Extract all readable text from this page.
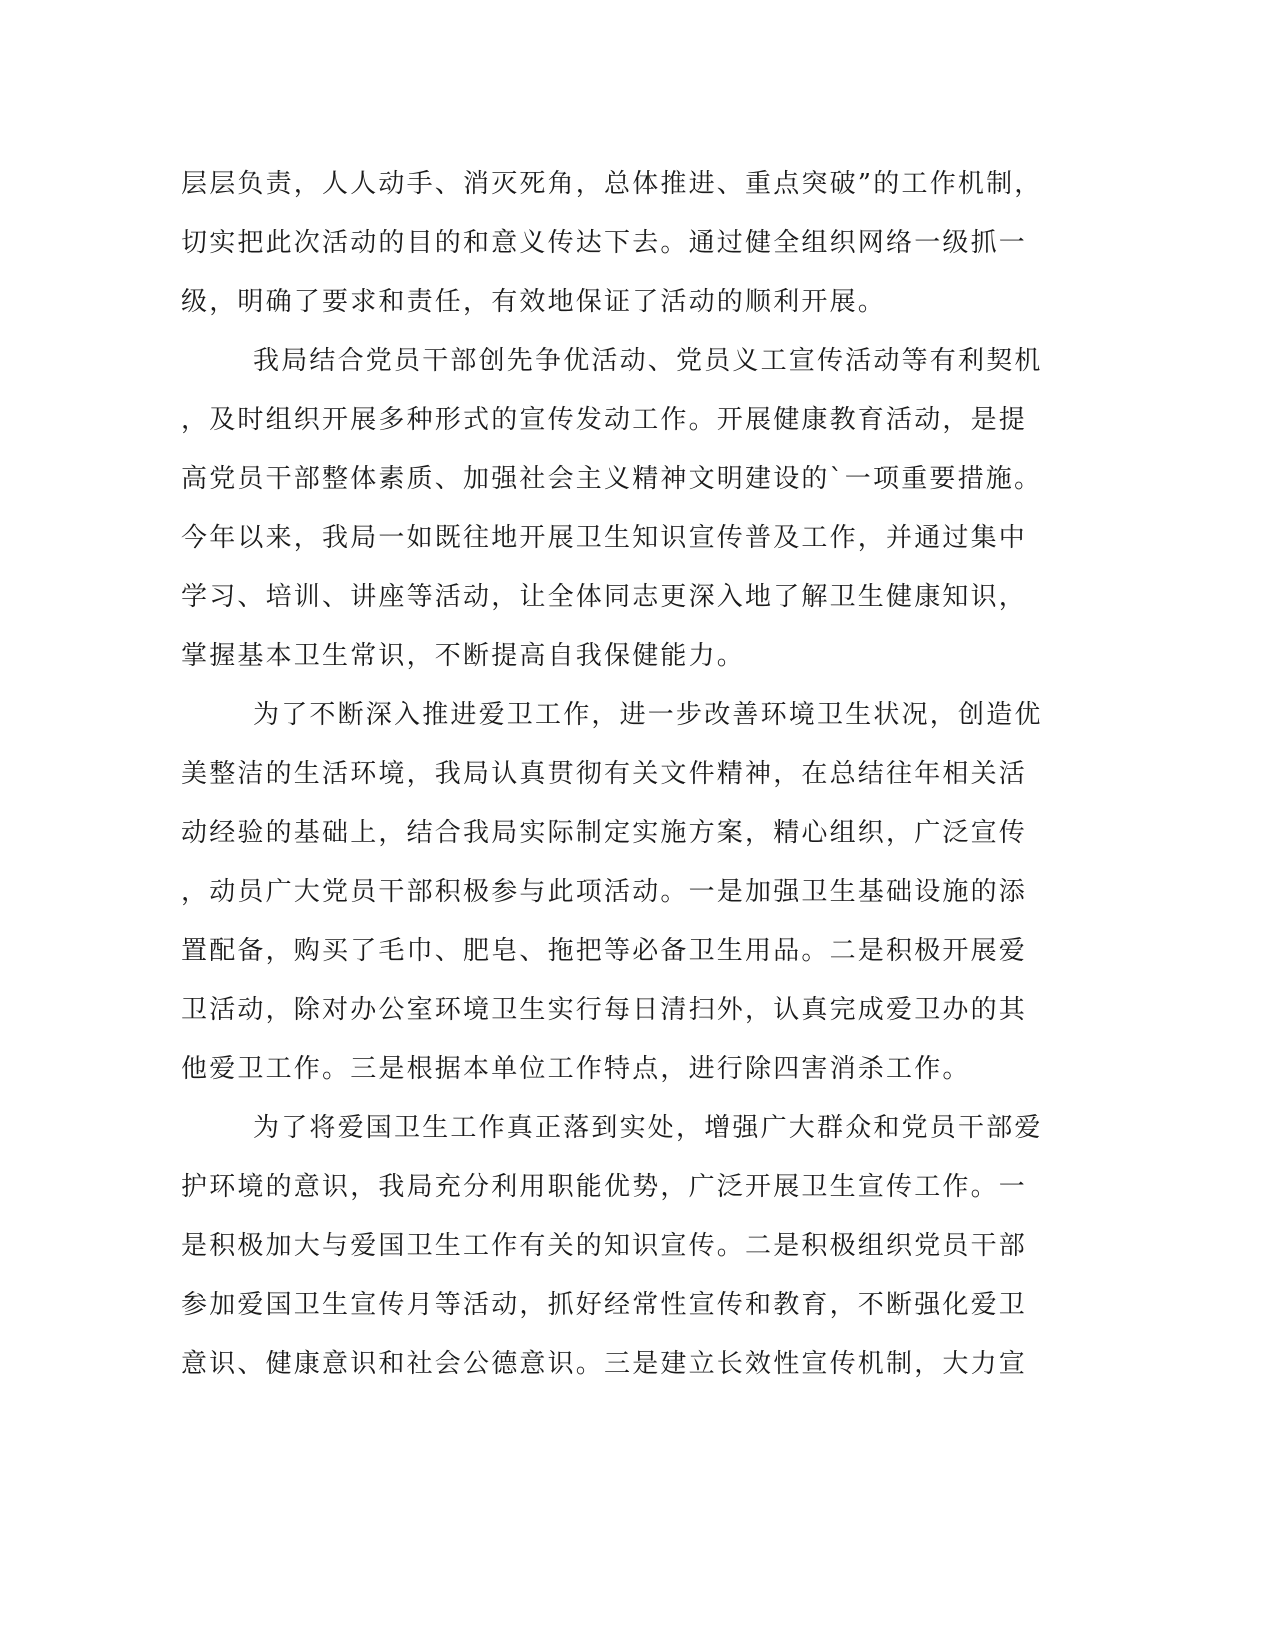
层层负责，人人动手、消灭死角，总体推进、重点突破”的工作机制，
切实把此次活动的目的和意义传达下去。通过健全组织网络一级抓一
级，明确了要求和责任，有效地保证了活动的顺利开展。
我局结合党员干部创先争优活动、党员义工宣传活动等有利契机
，及时组织开展多种形式的宣传发动工作。开展健康教育活动，是提
高党员干部整体素质、加强社会主义精神文明建设的`一项重要措施。
今年以来，我局一如既往地开展卫生知识宣传普及工作，并通过集中
学习、培训、讲座等活动，让全体同志更深入地了解卫生健康知识，
掌握基本卫生常识，不断提高自我保健能力。
为了不断深入推进爱卫工作，进一步改善环境卫生状况，创造优
美整洁的生活环境，我局认真贯彻有关文件精神，在总结往年相关活
动经验的基础上，结合我局实际制定实施方案，精心组织，广泛宣传
，动员广大党员干部积极参与此项活动。一是加强卫生基础设施的添
置配备，购买了毛巾、肥皂、拖把等必备卫生用品。二是积极开展爱
卫活动，除对办公室环境卫生实行每日清扫外，认真完成爱卫办的其
他爱卫工作。三是根据本单位工作特点，进行除四害消杀工作。
为了将爱国卫生工作真正落到实处，增强广大群众和党员干部爱
护环境的意识，我局充分利用职能优势，广泛开展卫生宣传工作。一
是积极加大与爱国卫生工作有关的知识宣传。二是积极组织党员干部
参加爱国卫生宣传月等活动，抓好经常性宣传和教育，不断强化爱卫
意识、健康意识和社会公德意识。三是建立长效性宣传机制，大力宣
